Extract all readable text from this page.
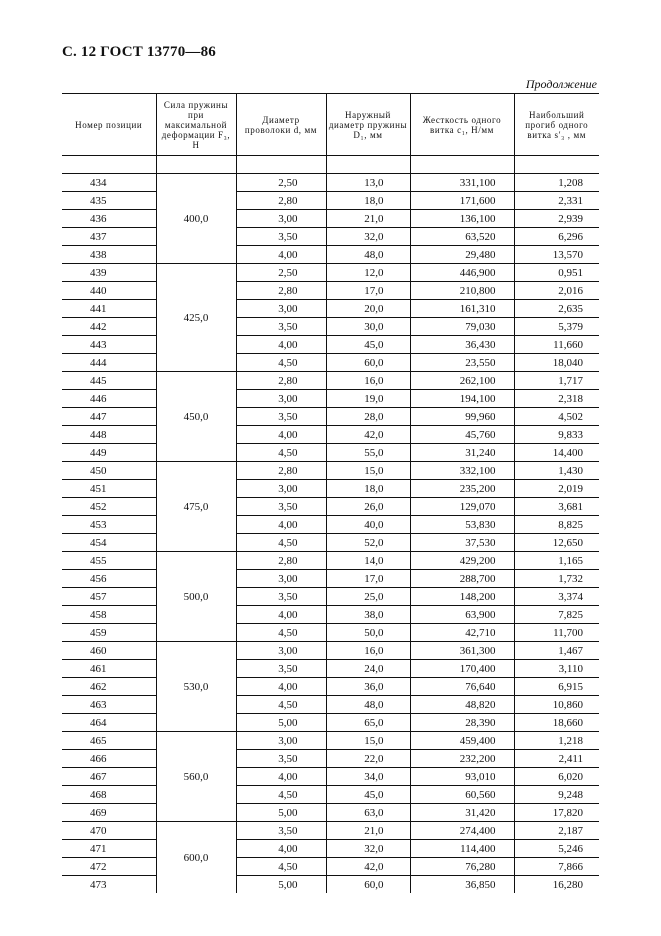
С. 12 ГОСТ 13770—86
Продолжение
Номер позиции	Сила пружины при максимальной деформации F₃, Н	Диаметр проволоки d, мм	Наружный диаметр пружины D₁, мм	Жесткость одного витка c₁, Н/мм	Наибольший прогиб одного витка s′₃ , мм

434	400,0	2,50	13,0	331,100	1,208
435		2,80	18,0	171,600	2,331
436		3,00	21,0	136,100	2,939
437		3,50	32,0	63,520	6,296
438		4,00	48,0	29,480	13,570
439	425,0	2,50	12,0	446,900	0,951
440		2,80	17,0	210,800	2,016
441		3,00	20,0	161,310	2,635
442		3,50	30,0	79,030	5,379
443		4,00	45,0	36,430	11,660
444		4,50	60,0	23,550	18,040
445	450,0	2,80	16,0	262,100	1,717
446		3,00	19,0	194,100	2,318
447		3,50	28,0	99,960	4,502
448		4,00	42,0	45,760	9,833
449		4,50	55,0	31,240	14,400
450	475,0	2,80	15,0	332,100	1,430
451		3,00	18,0	235,200	2,019
452		3,50	26,0	129,070	3,681
453		4,00	40,0	53,830	8,825
454		4,50	52,0	37,530	12,650
455	500,0	2,80	14,0	429,200	1,165
456		3,00	17,0	288,700	1,732
457		3,50	25,0	148,200	3,374
458		4,00	38,0	63,900	7,825
459		4,50	50,0	42,710	11,700
460	530,0	3,00	16,0	361,300	1,467
461		3,50	24,0	170,400	3,110
462		4,00	36,0	76,640	6,915
463		4,50	48,0	48,820	10,860
464		5,00	65,0	28,390	18,660
465	560,0	3,00	15,0	459,400	1,218
466		3,50	22,0	232,200	2,411
467		4,00	34,0	93,010	6,020
468		4,50	45,0	60,560	9,248
469		5,00	63,0	31,420	17,820
470	600,0	3,50	21,0	274,400	2,187
471		4,00	32,0	114,400	5,246
472		4,50	42,0	76,280	7,866
473		5,00	60,0	36,850	16,280
